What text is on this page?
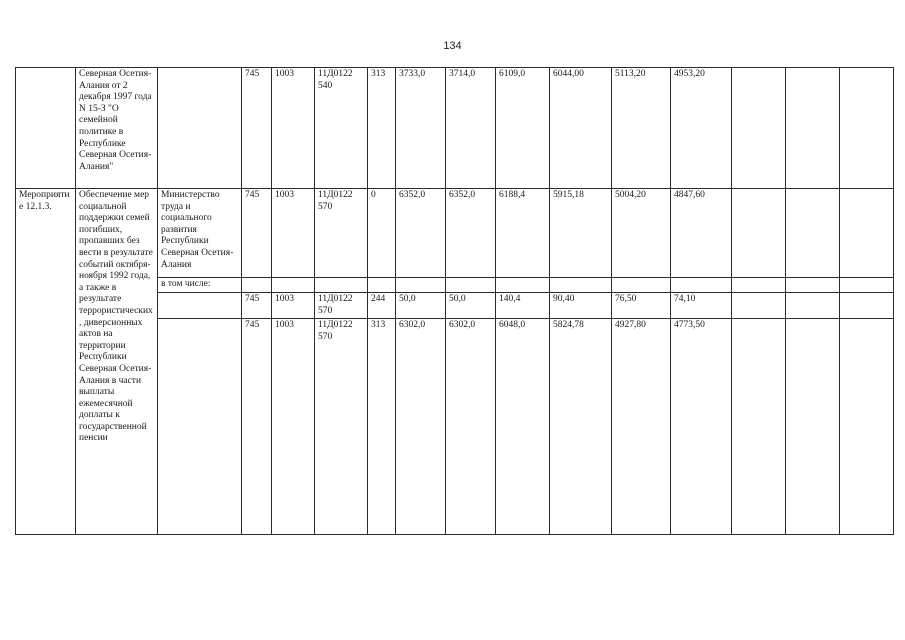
134
	Северная Осетия-Алания от 2 декабря 1997 года N 15-З "О семейной политике в Республике Северная Осетия-Алания"		745	1003	11Д0122 540	313	3733,0	3714,0	6109,0	6044,00	5113,20	4953,20			
Мероприятие 12.1.3.	Обеспечение мер социальной поддержки семей погибших, пропавших без вести в результате событий октября-ноября 1992 года, а также в результате террористических, диверсионных актов на территории Республики Северная Осетия-Алания в части выплаты ежемесячной доплаты к государственной пенсии	Министерство труда и социального развития Республики Северная Осетия-Алания	745	1003	11Д0122 570	0	6352,0	6352,0	6188,4	5915,18	5004,20	4847,60			
		в том числе:													
			745	1003	11Д0122 570	244	50,0	50,0	140,4	90,40	76,50	74,10			
			745	1003	11Д0122 570	313	6302,0	6302,0	6048,0	5824,78	4927,80	4773,50			
